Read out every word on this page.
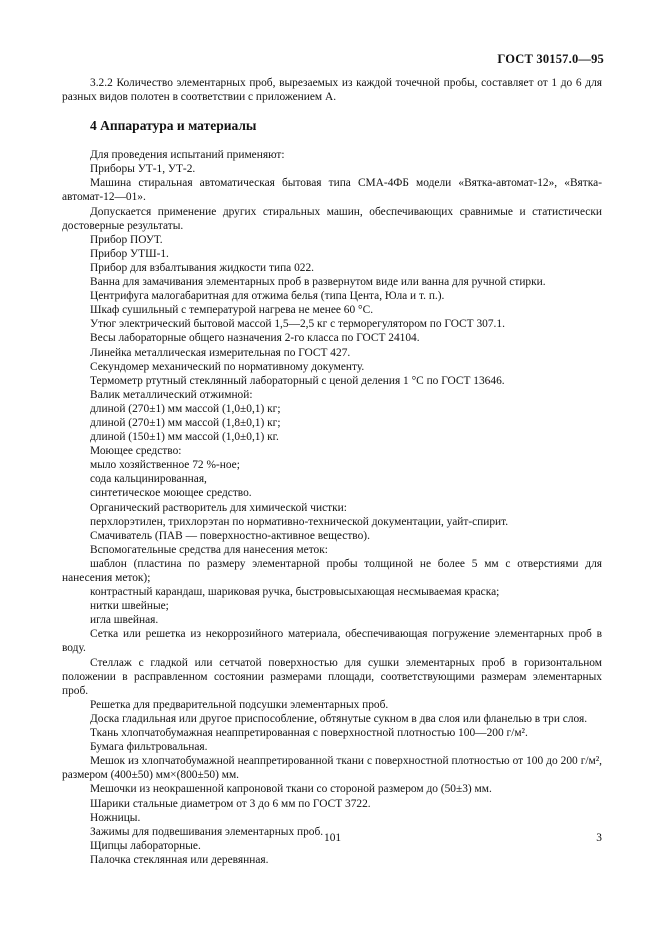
ГОСТ 30157.0—95

3.2.2 Количество элементарных проб, вырезаемых из каждой точечной пробы, составляет от 1 до 6 для разных видов полотен в соответствии с приложением А.

4 Аппаратура и материалы

Для проведения испытаний применяют:

Приборы УТ-1, УТ-2.

Машина стиральная автоматическая бытовая типа СМА-4ФБ модели «Вятка-автомат-12», «Вятка-автомат-12—01».

Допускается применение других стиральных машин, обеспечивающих сравнимые и статистически достоверные результаты.

Прибор ПОУТ.

Прибор УТШ-1.

Прибор для взбалтывания жидкости типа 022.

Ванна для замачивания элементарных проб в развернутом виде или ванна для ручной стирки.

Центрифуга малогабаритная для отжима белья (типа Цента, Юла и т. п.).

Шкаф сушильный с температурой нагрева не менее 60 °С.

Утюг электрический бытовой массой 1,5—2,5 кг с терморегулятором по ГОСТ 307.1.

Весы лабораторные общего назначения 2-го класса по ГОСТ 24104.

Линейка металлическая измерительная по ГОСТ 427.

Секундомер механический по нормативному документу.

Термометр ртутный стеклянный лабораторный с ценой деления 1 °С по ГОСТ 13646.

Валик металлический отжимной:

длиной (270±1) мм массой (1,0±0,1) кг;

длиной (270±1) мм массой (1,8±0,1) кг;

длиной (150±1) мм массой (1,0±0,1) кг.

Моющее средство:

мыло хозяйственное 72 %-ное;

сода кальцинированная,

синтетическое моющее средство.

Органический растворитель для химической чистки:

перхлорэтилен, трихлорэтан по нормативно-технической документации, уайт-спирит.

Смачиватель (ПАВ — поверхностно-активное вещество).

Вспомогательные средства для нанесения меток:

шаблон (пластина по размеру элементарной пробы толщиной не более 5 мм с отверстиями для нанесения меток);

контрастный карандаш, шариковая ручка, быстровысыхающая несмываемая краска;

нитки швейные;

игла швейная.

Сетка или решетка из некоррозийного материала, обеспечивающая погружение элементарных проб в воду.

Стеллаж с гладкой или сетчатой поверхностью для сушки элементарных проб в горизонтальном положении в расправленном состоянии размерами площади, соответствующими размерам элементарных проб.

Решетка для предварительной подсушки элементарных проб.

Доска гладильная или другое приспособление, обтянутые сукном в два слоя или фланелью в три слоя.

Ткань хлопчатобумажная неаппретированная с поверхностной плотностью 100—200 г/м².

Бумага фильтровальная.

Мешок из хлопчатобумажной неаппретированной ткани с поверхностной плотностью от 100 до 200 г/м², размером (400±50) мм×(800±50) мм.

Мешочки из неокрашенной капроновой ткани со стороной размером до (50±3) мм.

Шарики стальные диаметром от 3 до 6 мм по ГОСТ 3722.

Ножницы.

Зажимы для подвешивания элементарных проб.

Щипцы лабораторные.

Палочка стеклянная или деревянная.

101	3
